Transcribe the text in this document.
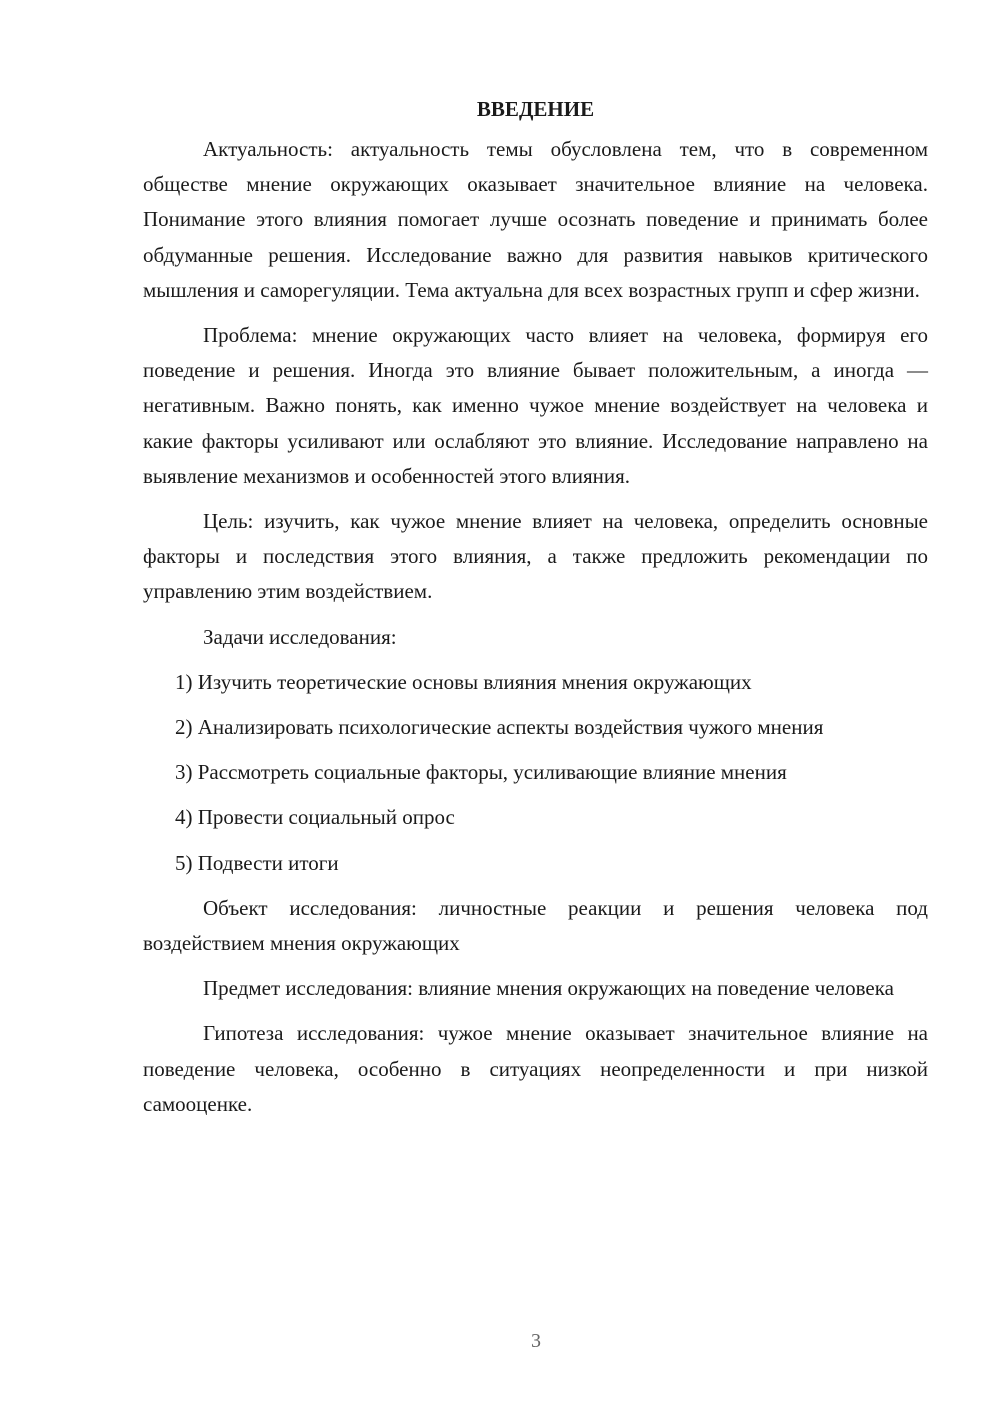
ВВЕДЕНИЕ

Актуальность: актуальность темы обусловлена тем, что в современном обществе мнение окружающих оказывает значительное влияние на человека. Понимание этого влияния помогает лучше осознать поведение и принимать более обдуманные решения. Исследование важно для развития навыков критического мышления и саморегуляции. Тема актуальна для всех возрастных групп и сфер жизни.

Проблема: мнение окружающих часто влияет на человека, формируя его поведение и решения. Иногда это влияние бывает положительным, а иногда — негативным. Важно понять, как именно чужое мнение воздействует на человека и какие факторы усиливают или ослабляют это влияние. Исследование направлено на выявление механизмов и особенностей этого влияния.

Цель: изучить, как чужое мнение влияет на человека, определить основные факторы и последствия этого влияния, а также предложить рекомендации по управлению этим воздействием.

Задачи исследования:

1) Изучить теоретические основы влияния мнения окружающих

2) Анализировать психологические аспекты воздействия чужого мнения

3) Рассмотреть социальные факторы, усиливающие влияние мнения

4) Провести социальный опрос

5) Подвести итоги

Объект исследования: личностные реакции и решения человека под воздействием мнения окружающих

Предмет исследования: влияние мнения окружающих на поведение человека

Гипотеза исследования: чужое мнение оказывает значительное влияние на поведение человека, особенно в ситуациях неопределенности и при низкой самооценке.

3
